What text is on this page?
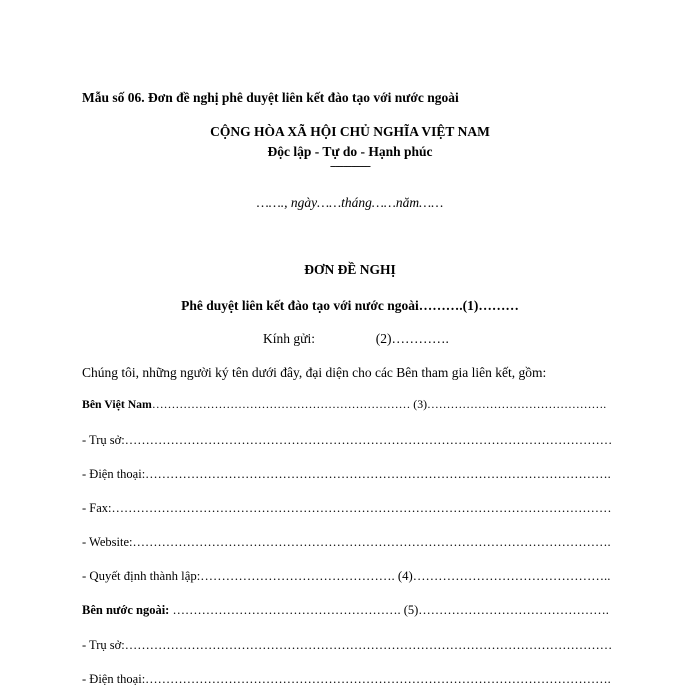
Mẫu số 06. Đơn đề nghị phê duyệt liên kết đào tạo với nước ngoài
CỘNG HÒA XÃ HỘI CHỦ NGHĨA VIỆT NAM
Độc lập - Tự do - Hạnh phúc
---------------
……., ngày……tháng……năm……
ĐƠN ĐỀ NGHỊ
Phê duyệt liên kết đào tạo với nước ngoài……….(1)………
Kính gửi:	(2)………….
Chúng tôi, những người ký tên dưới đây, đại diện cho các Bên tham gia liên kết, gồm:
Bên Việt Nam………………………………………………………… (3)……………………………………….
- Trụ sở:………………………………………………………………………………………………………
- Điện thoại:………………………………………………………………………………………………….
- Fax:…………………………………………………………………………………………………………
- Website:…………………………………………………………………………………………………….
- Quyết định thành lập:………………………………………. (4)………………………………………..
Bên nước ngoài: ………………………………………………. (5)……………………………………….
- Trụ sở:………………………………………………………………………………………………………
- Điện thoại:………………………………………………………………………………………………….
